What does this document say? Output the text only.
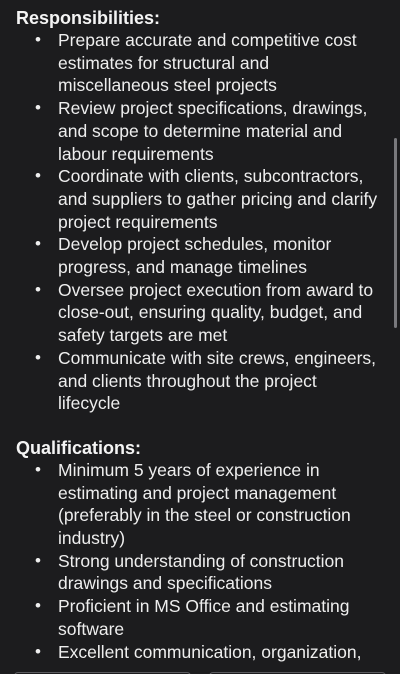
Responsibilities:
• Prepare accurate and competitive cost estimates for structural and miscellaneous steel projects
• Review project specifications, drawings, and scope to determine material and labour requirements
• Coordinate with clients, subcontractors, and suppliers to gather pricing and clarify project requirements
• Develop project schedules, monitor progress, and manage timelines
• Oversee project execution from award to close-out, ensuring quality, budget, and safety targets are met
• Communicate with site crews, engineers, and clients throughout the project lifecycle
Qualifications:
• Minimum 5 years of experience in estimating and project management (preferably in the steel or construction industry)
• Strong understanding of construction drawings and specifications
• Proficient in MS Office and estimating software
• Excellent communication, organization,
